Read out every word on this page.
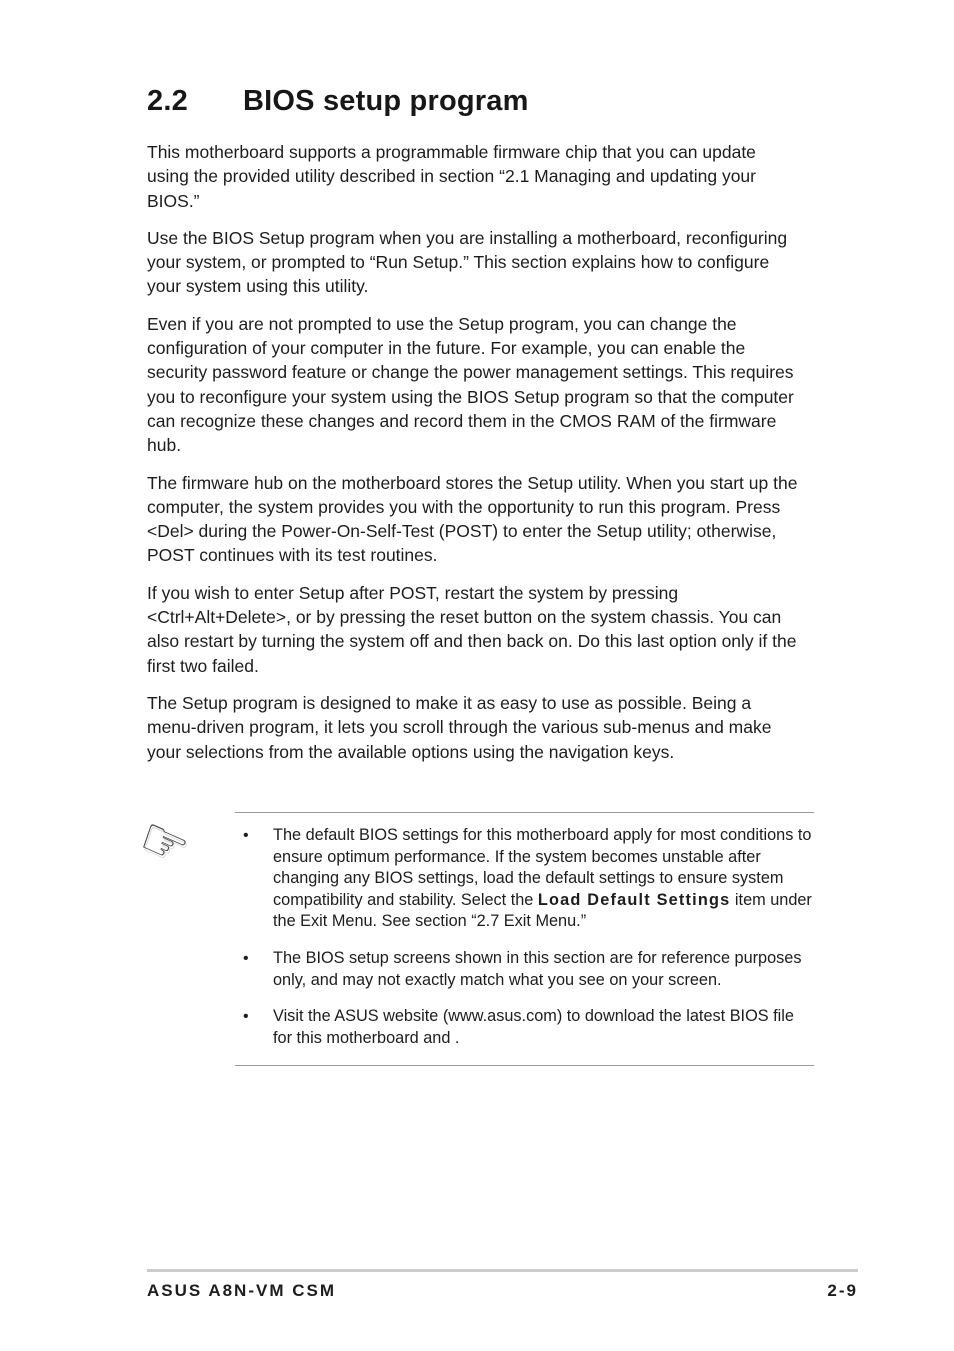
2.2 BIOS setup program

This motherboard supports a programmable firmware chip that you can update using the provided utility described in section “2.1 Managing and updating your BIOS.”

Use the BIOS Setup program when you are installing a motherboard, reconfiguring your system, or prompted to “Run Setup.” This section explains how to configure your system using this utility.

Even if you are not prompted to use the Setup program, you can change the configuration of your computer in the future. For example, you can enable the security password feature or change the power management settings. This requires you to reconfigure your system using the BIOS Setup program so that the computer can recognize these changes and record them in the CMOS RAM of the firmware hub.

The firmware hub on the motherboard stores the Setup utility. When you start up the computer, the system provides you with the opportunity to run this program. Press <Del> during the Power-On-Self-Test (POST) to enter the Setup utility; otherwise, POST continues with its test routines.

If you wish to enter Setup after POST, restart the system by pressing <Ctrl+Alt+Delete>, or by pressing the reset button on the system chassis. You can also restart by turning the system off and then back on. Do this last option only if the first two failed.

The Setup program is designed to make it as easy to use as possible. Being a menu-driven program, it lets you scroll through the various sub-menus and make your selections from the available options using the navigation keys.

☞	• The default BIOS settings for this motherboard apply for most conditions to ensure optimum performance. If the system becomes unstable after changing any BIOS settings, load the default settings to ensure system compatibility and stability. Select the Load Default Settings item under the Exit Menu. See section “2.7 Exit Menu.”
• The BIOS setup screens shown in this section are for reference purposes only, and may not exactly match what you see on your screen.
• Visit the ASUS website (www.asus.com) to download the latest BIOS file for this motherboard and .
ASUS A8N-VM CSM	2-9
